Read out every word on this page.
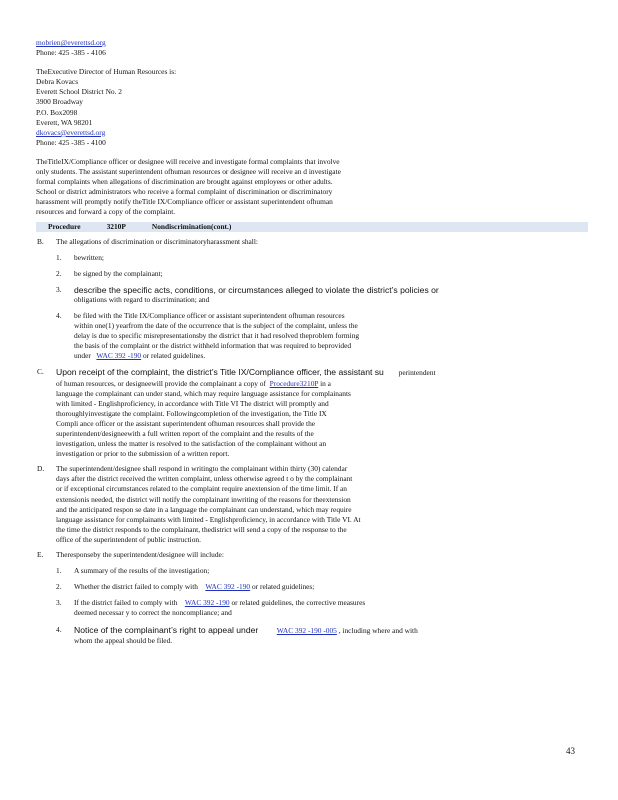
mobrien@everettsd.org
Phone: 425 -385 - 4106
TheExecutive Director of Human Resources is:
Debra Kovacs
Everett School District No. 2
3900 Broadway
P.O. Box2098
Everett, WA 98201
dkovacs@everettsd.org
Phone: 425 -385 - 4100
TheTitleIX/Compliance officer or designee will receive and investigate formal complaints that involve
only students. The assistant superintendent ofhuman resources or designee will receive an d investigate
formal complaints when allegations of discrimination are brought against employees or other adults.
School or district administrators who receive a formal complaint of discrimination or discriminatory
harassment will promptly notify theTitle IX/Compliance officer or assistant superintendent ofhuman
resources and forward a copy of the complaint.
Procedure	3210P	Nondiscrimination(cont.)
B. The allegations of discrimination or discriminatoryharassment shall:
1. bewritten;
2. be signed by the complainant;
3. describe the specific acts, conditions, or circumstances alleged to violate the district’s policies or
obligations with regard to discrimination; and
4. be filed with the Title IX/Compliance officer or assistant superintendent ofhuman resources
within one(1) yearfrom the date of the occurrence that is the subject of the complaint, unless the
delay is due to specific misrepresentationsby the district that it had resolved theproblem forming
the basis of the complaint or the district withheld information that was required to beprovided
under WAC 392 -190 or related guidelines.
C. Upon receipt of the complaint, the district’s Title IX/Compliance officer, the assistant su perintendent
of human resources, or designeewill provide the complainant a copy of Procedure3210P in a
language the complainant can under stand, which may require language assistance for complainants
with limited - Englishproficiency, in accordance with Title VI The district will promptly and
thoroughlyinvestigate the complaint. Followingcompletion of the investigation, the Title IX
Compli ance officer or the assistant superintendent ofhuman resources shall provide the
superintendent/designeewith a full written report of the complaint and the results of the
investigation, unless the matter is resolved to the satisfaction of the complainant without an
investigation or prior to the submission of a written report.
D. The superintendent/designee shall respond in writingto the complainant within thirty (30) calendar
days after the district received the written complaint, unless otherwise agreed t o by the complainant
or if exceptional circumstances related to the complaint require anextension of the time limit. If an
extensionis needed, the district will notify the complainant inwriting of the reasons for theextension
and the anticipated respon se date in a language the complainant can understand, which may require
language assistance for complainants with limited - Englishproficiency, in accordance with Title VI. At
the time the district responds to the complainant, thedistrict will send a copy of the response to the
office of the superintendent of public instruction.
E. Theresponseby the superintendent/designee will include:
1. A summary of the results of the investigation;
2. Whether the district failed to comply with WAC 392 -190 or related guidelines;
3. If the district failed to comply with WAC 392 -190 or related guidelines, the corrective measures
deemed necessar y to correct the noncompliance; and
4. Notice of the complainant’s right to appeal under WAC 392 -190 -005 , including where and with
whom the appeal should be filed.
43
